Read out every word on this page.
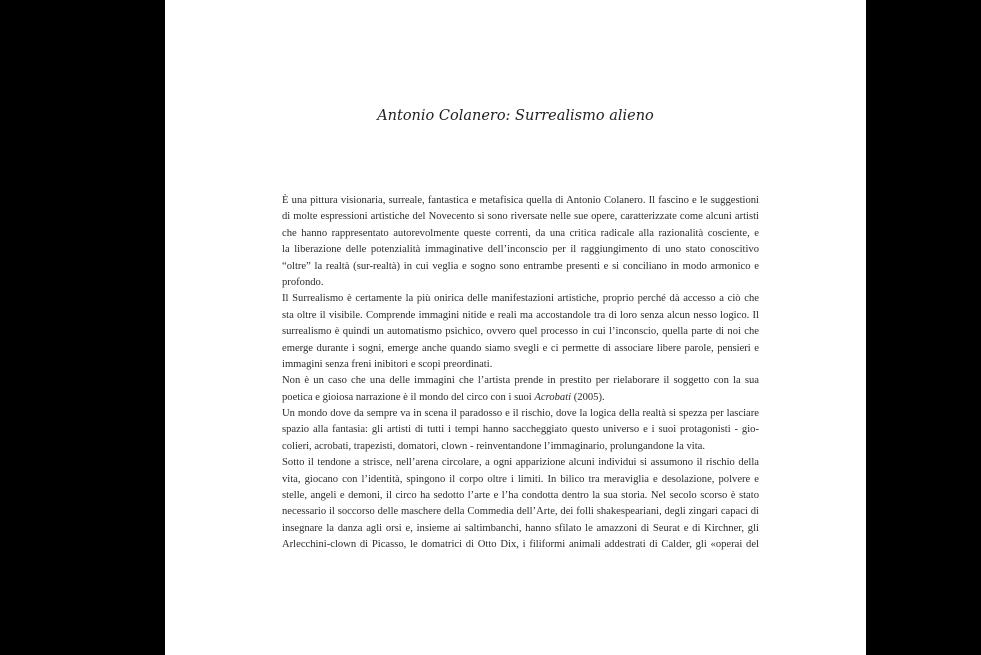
Antonio Colanero: Surrealismo alieno
È una pittura visionaria, surreale, fantastica e metafisica quella di Antonio Colanero. Il fascino e le suggestioni
di molte espressioni artistiche del Novecento si sono riversate nelle sue opere, caratterizzate come alcuni artisti
che hanno rappresentato autorevolmente queste correnti, da una critica radicale alla razionalità cosciente, e
la liberazione delle potenzialità immaginative dell’inconscio per il raggiungimento di uno stato conoscitivo
“oltre” la realtà (sur-realtà) in cui veglia e sogno sono entrambe presenti e si conciliano in modo armonico e
profondo.
Il Surrealismo è certamente la più onirica delle manifestazioni artistiche, proprio perché dà accesso a ciò che
sta oltre il visibile. Comprende immagini nitide e reali ma accostandole tra di loro senza alcun nesso logico. Il
surrealismo è quindi un automatismo psichico, ovvero quel processo in cui l’inconscio, quella parte di noi che
emerge durante i sogni, emerge anche quando siamo svegli e ci permette di associare libere parole, pensieri e
immagini senza freni inibitori e scopi preordinati.
Non è un caso che una delle immagini che l’artista prende in prestito per rielaborare il soggetto con la sua
poetica e gioiosa narrazione è il mondo del circo con i suoi Acrobati (2005).
Un mondo dove da sempre va in scena il paradosso e il rischio, dove la logica della realtà si spezza per lasciare
spazio alla fantasia: gli artisti di tutti i tempi hanno saccheggiato questo universo e i suoi protagonisti - gio-
colieri, acrobati, trapezisti, domatori, clown - reinventandone l’immaginario, prolungandone la vita.
Sotto il tendone a strisce, nell’arena circolare, a ogni apparizione alcuni individui si assumono il rischio della
vita, giocano con l’identità, spingono il corpo oltre i limiti. In bilico tra meraviglia e desolazione, polvere e
stelle, angeli e demoni, il circo ha sedotto l’arte e l’ha condotta dentro la sua storia. Nel secolo scorso è stato
necessario il soccorso delle maschere della Commedia dell’Arte, dei folli shakespeariani, degli zingari capaci di
insegnare la danza agli orsi e, insieme ai saltimbanchi, hanno sfilato le amazzoni di Seurat e di Kirchner, gli
Arlecchini-clown di Picasso, le domatrici di Otto Dix, i filiformi animali addestrati di Calder, gli «operai del
